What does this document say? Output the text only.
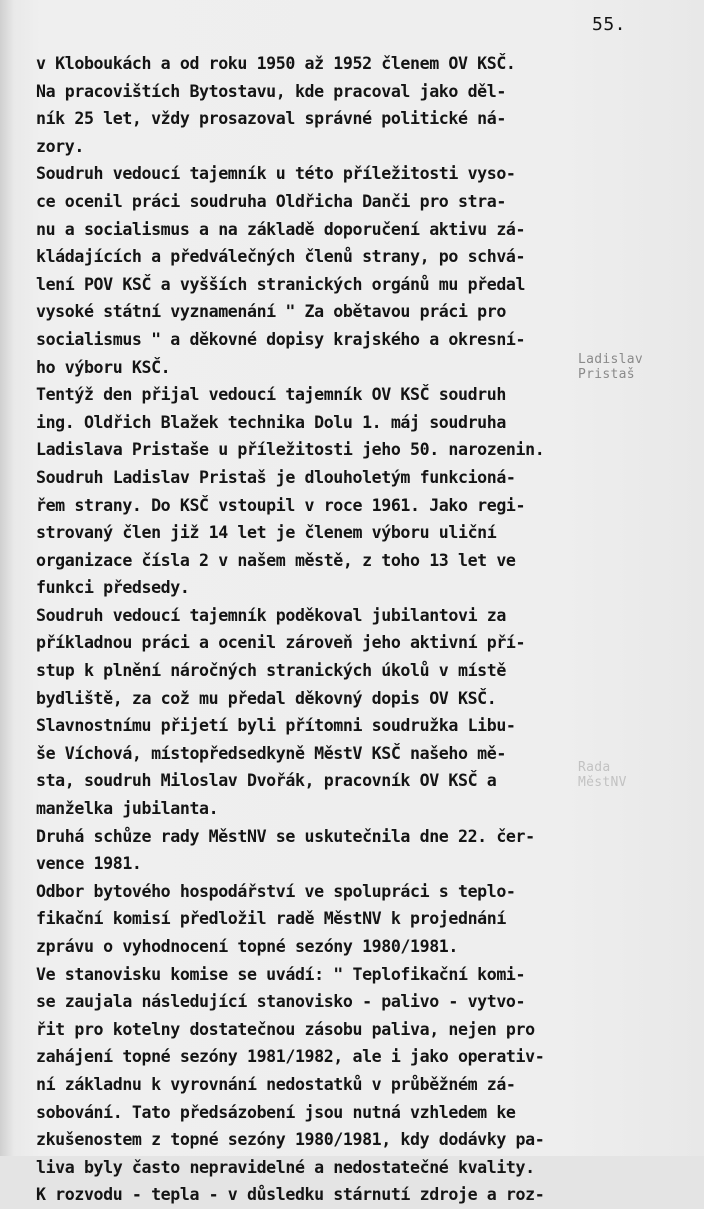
55.
v Kloboukách a od roku 1950 až 1952 členem OV KSČ.
Na pracovištích Bytostavu, kde pracoval jako děl-
ník 25 let, vždy prosazoval správné politické ná-
zory.
Soudruh vedoucí tajemník u této příležitosti vyso-
ce ocenil práci soudruha Oldřicha Danči pro stra-
nu a socialismus a na základě doporučení aktivu zá-
kládajících a předválečných členů strany, po schvá-
lení POV KSČ a vyšších stranických orgánů mu předal
vysoké státní vyznamenání " Za obětavou práci pro
socialismus " a děkovné dopisy krajského a okresní-
ho výboru KSČ.
Tentýž den přijal vedoucí tajemník OV KSČ soudruh
ing. Oldřich Blažek technika Dolu 1. máj soudruha
Ladislava Pristaše u příležitosti jeho 50. narozenin.
Soudruh Ladislav Pristaš je dlouholetým funkcioná-
řem strany. Do KSČ vstoupil v roce 1961. Jako regi-
strovaný člen již 14 let je členem výboru uliční
organizace čísla 2 v našem městě, z toho 13 let ve
funkci předsedy.
Soudruh vedoucí tajemník poděkoval jubilantovi za
příkladnou práci a ocenil zároveň jeho aktivní pří-
stup k plnění náročných stranických úkolů v místě
bydliště, za což mu předal děkovný dopis OV KSČ.
Slavnostnímu přijetí byli přítomni soudružka Libu-
še Víchová, místopředsedkyně MěstV KSČ našeho mě-
sta, soudruh Miloslav Dvořák, pracovník OV KSČ a
manželka jubilanta.
Druhá schůze rady MěstNV se uskutečnila dne 22. čer-
vence 1981.
Odbor bytového hospodářství ve spolupráci s teplo-
fikační komisí předložil radě MěstNV k projednání
zprávu o vyhodnocení topné sezóny 1980/1981.
Ve stanovisku komise se uvádí: " Teplofikační komi-
se zaujala následující stanovisko - palivo - vytvo-
řit pro kotelny dostatečnou zásobu paliva, nejen pro
zahájení topné sezóny 1981/1982, ale i jako operativ-
ní základnu k vyrovnání nedostatků v průběžném zá-
sobování. Tato předsázobení jsou nutná vzhledem ke
zkušenostem z topné sezóny 1980/1981, kdy dodávky pa-
liva byly často nepravidelné a nedostatečné kvality.
K rozvodu - tepla - v důsledku stárnutí zdroje a roz-
Ladislav
Pristaš
Rada
MěstNV
